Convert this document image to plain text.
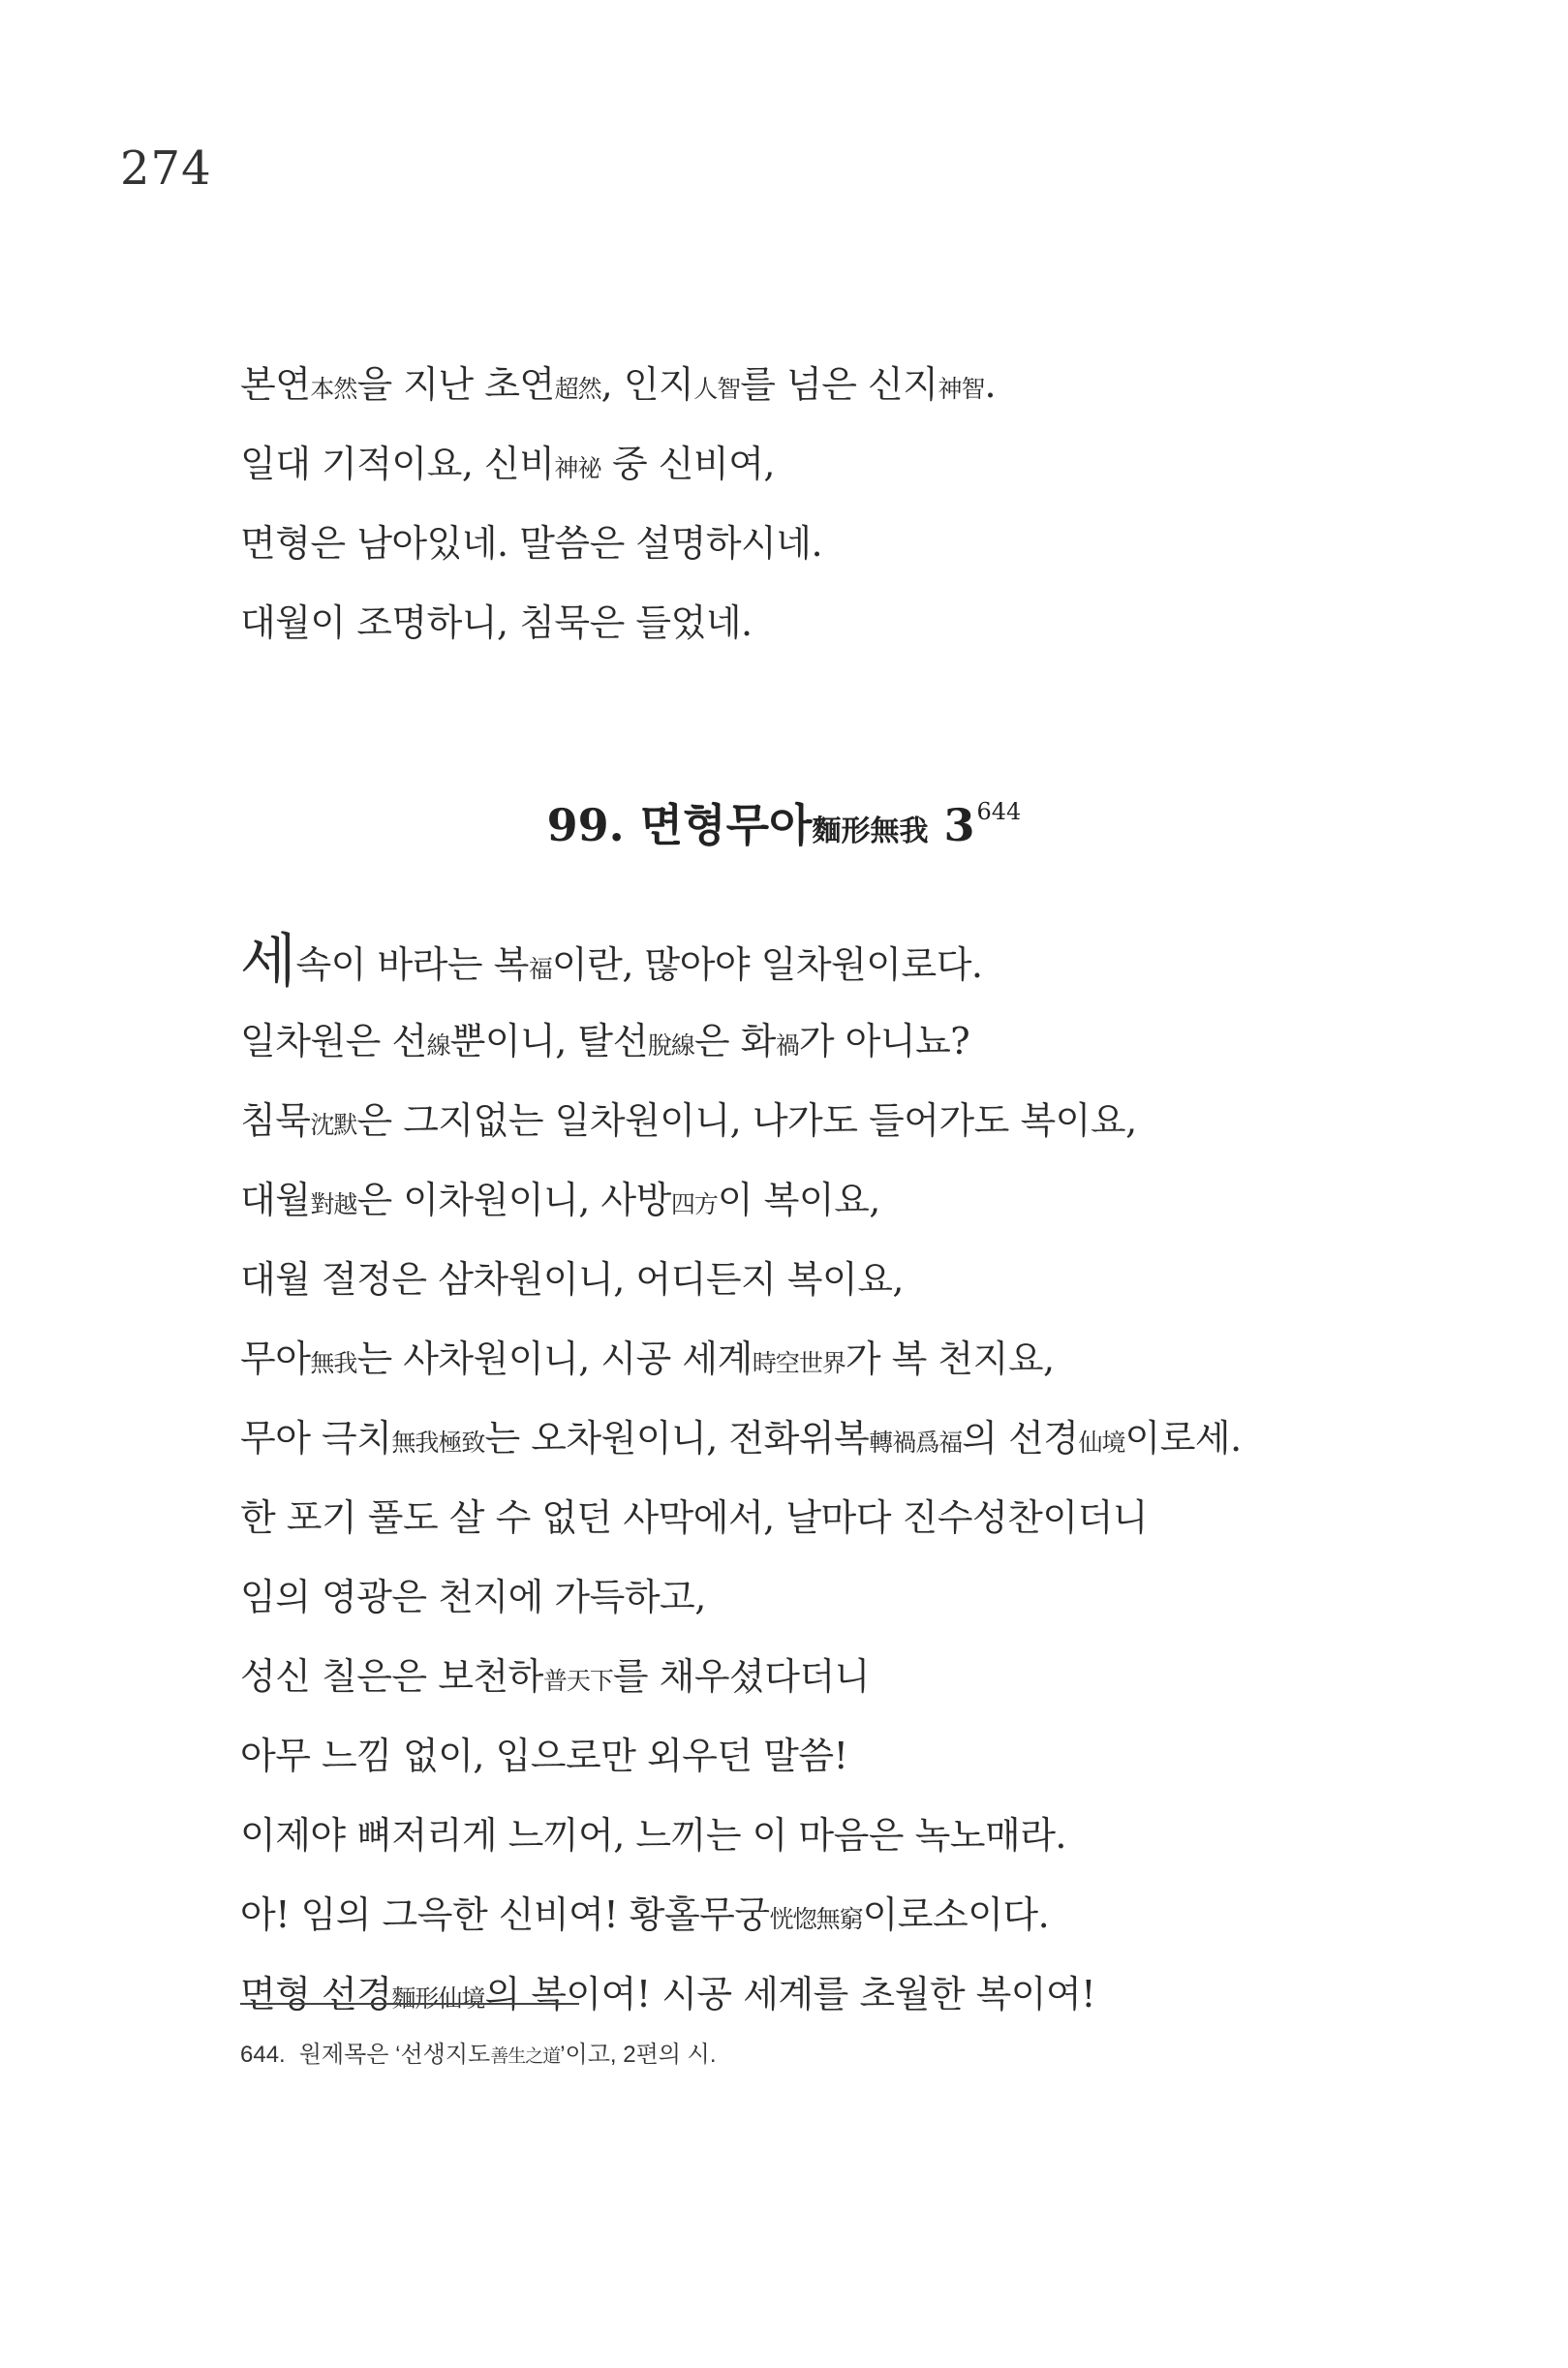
274
본연本然을 지난 초연超然, 인지人智를 넘은 신지神智.
일대 기적이요, 신비神祕 중 신비여,
면형은 남아있네. 말씀은 설명하시네.
대월이 조명하니, 침묵은 들었네.
99. 면형무아麵形無我 $3^{644}$
세속이 바라는 복福이란, 많아야 일차원이로다.
일차원은 선線뿐이니, 탈선脫線은 화禍가 아니뇨?
침묵沈默은 그지없는 일차원이니, 나가도 들어가도 복이요,
대월對越은 이차원이니, 사방四方이 복이요,
대월 절정은 삼차원이니, 어디든지 복이요,
무아無我는 사차원이니, 시공 세계時空世界가 복 천지요,
무아 극치無我極致는 오차원이니, 전화위복轉禍爲福의 선경仙境이로세.
한 포기 풀도 살 수 없던 사막에서, 날마다 진수성찬이더니
임의 영광은 천지에 가득하고,
성신 칠은은 보천하普天下를 채우셨다더니
아무 느낌 없이, 입으로만 외우던 말씀!
이제야 뼈저리게 느끼어, 느끼는 이 마음은 녹노매라.
아! 임의 그윽한 신비여! 황홀무궁恍惚無窮이로소이다.
면형 선경麵形仙境의 복이여! 시공 세계를 초월한 복이여!
644. 원제목은 ‘선생지도善生之道’이고, 2편의 시.
